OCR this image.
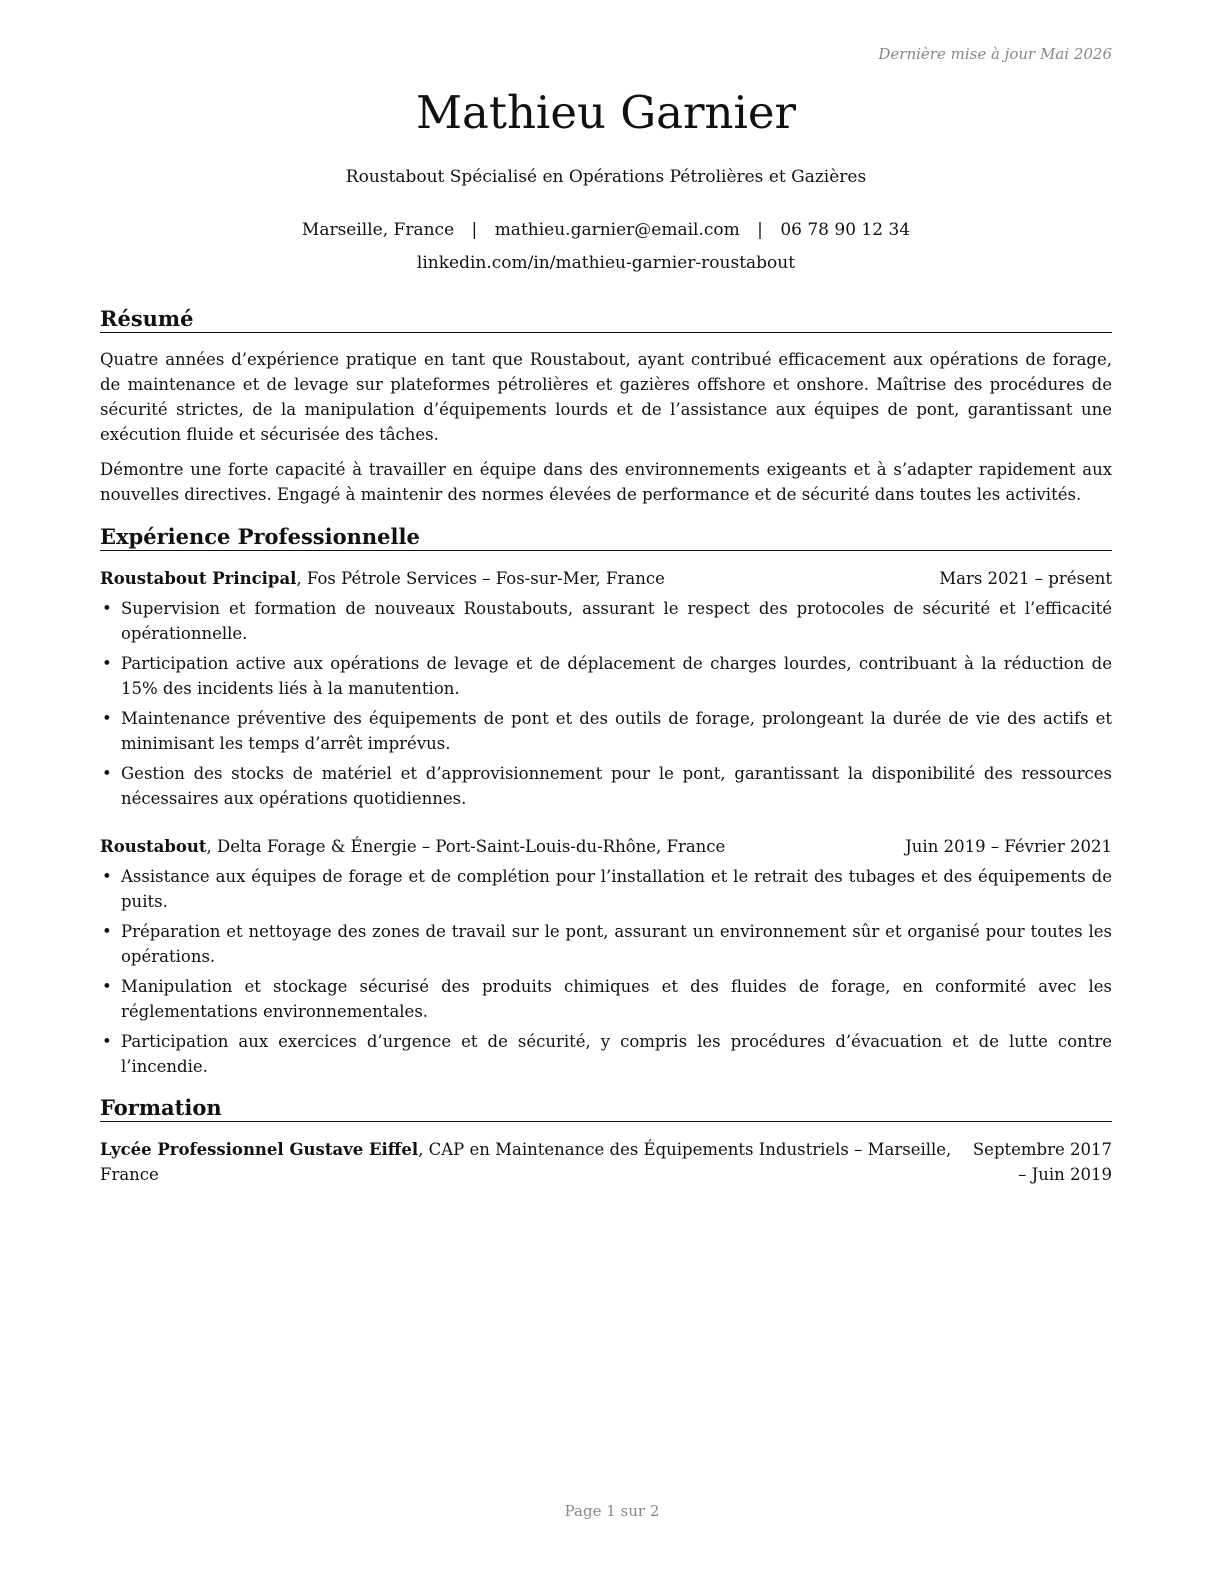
Dernière mise à jour Mai 2026
Mathieu Garnier
Roustabout Spécialisé en Opérations Pétrolières et Gazières
Marseille, France | mathieu.garnier@email.com | 06 78 90 12 34
linkedin.com/in/mathieu-garnier-roustabout
Résumé

Quatre années d’expérience pratique en tant que Roustabout, ayant contribué efficacement aux opérations de forage, de maintenance et de levage sur plateformes pétrolières et gazières offshore et onshore. Maîtrise des procédures de sécurité strictes, de la manipulation d’équipements lourds et de l’assistance aux équipes de pont, garantissant une exécution fluide et sécurisée des tâches.

Démontre une forte capacité à travailler en équipe dans des environnements exigeants et à s’adapter rapidement aux nouvelles directives. Engagé à maintenir des normes élevées de performance et de sécurité dans toutes les activités.

Expérience Professionnelle
Roustabout Principal, Fos Pétrole Services – Fos-sur-Mer, France	Mars 2021 – présent
• Supervision et formation de nouveaux Roustabouts, assurant le respect des protocoles de sécurité et l’efficacité opérationnelle.
• Participation active aux opérations de levage et de déplacement de charges lourdes, contribuant à la réduction de 15% des incidents liés à la manutention.
• Maintenance préventive des équipements de pont et des outils de forage, prolongeant la durée de vie des actifs et minimisant les temps d’arrêt imprévus.
• Gestion des stocks de matériel et d’approvisionnement pour le pont, garantissant la disponibilité des ressources nécessaires aux opérations quotidiennes.
Roustabout, Delta Forage & Énergie – Port-Saint-Louis-du-Rhône, France	Juin 2019 – Février 2021
• Assistance aux équipes de forage et de complétion pour l’installation et le retrait des tubages et des équipements de puits.
• Préparation et nettoyage des zones de travail sur le pont, assurant un environnement sûr et organisé pour toutes les opérations.
• Manipulation et stockage sécurisé des produits chimiques et des fluides de forage, en conformité avec les réglementations environnementales.
• Participation aux exercices d’urgence et de sécurité, y compris les procédures d’évacuation et de lutte contre l’incendie.
Formation
Lycée Professionnel Gustave Eiffel, CAP en Maintenance des Équipements Industriels – Marseille, France
Septembre 2017 – Juin 2019
Page 1 sur 2
